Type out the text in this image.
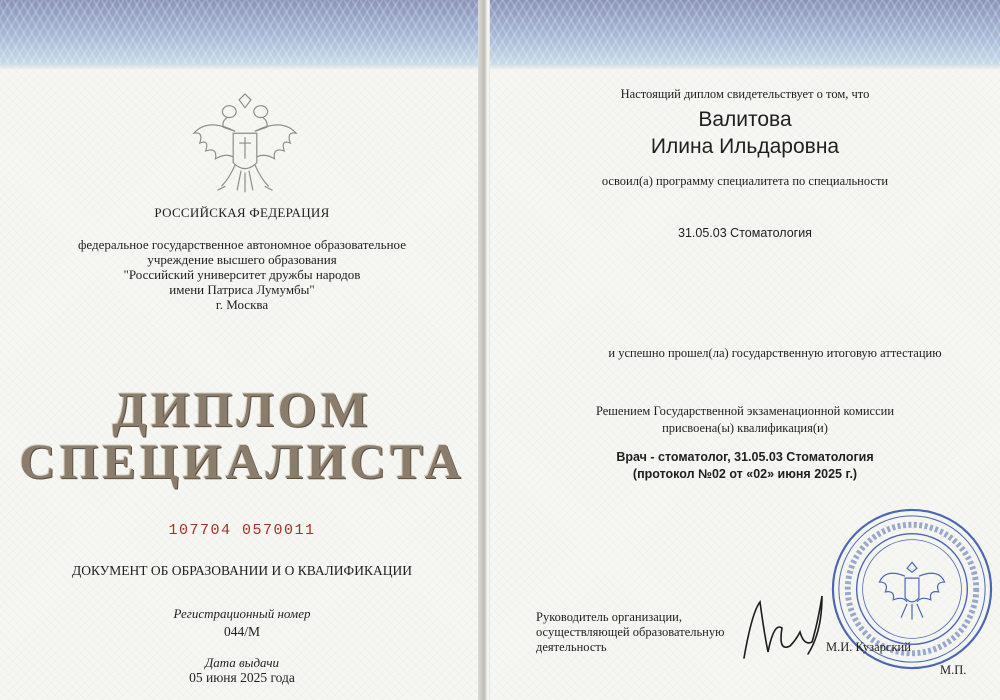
РОССИЙСКАЯ ФЕДЕРАЦИЯ
федеральное государственное автономное образовательное
учреждение высшего образования
"Российский университет дружбы народов
имени Патриса Лумумбы"
г. Москва
ДИПЛОМ
СПЕЦИАЛИСТА
107704 0570011
ДОКУМЕНТ ОБ ОБРАЗОВАНИИ И О КВАЛИФИКАЦИИ
Регистрационный номер
044/М
Дата выдачи
05 июня 2025 года
Настоящий диплом свидетельствует о том, что
Валитова
Илина Ильдаровна
освоил(а) программу специалитета по специальности
31.05.03 Стоматология
и успешно прошел(ла) государственную итоговую аттестацию
Решением Государственной экзаменационной комиссии
присвоена(ы) квалификация(и)
Врач - стоматолог, 31.05.03 Стоматология
(протокол №02 от «02» июня 2025 г.)
Руководитель организации,
осуществляющей образовательную
деятельность	М.И. Кузарский
М.П.
